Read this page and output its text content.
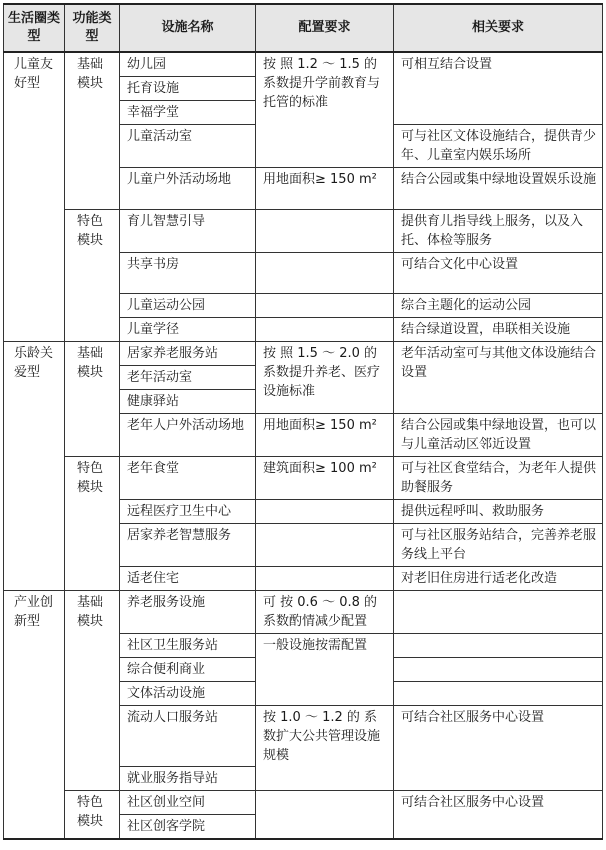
生活圈类型	功能类型	设施名称	配置要求	相关要求
儿童友好型	基础模块	幼儿园	按 照 1.2 ～ 1.5 的系数提升学前教育与托管的标准	可相互结合设置
		托育设施		
		幸福学堂		
		儿童活动室		可与社区文体设施结合，提供青少年、儿童室内娱乐场所
		儿童户外活动场地	用地面积≥ 150 m²	结合公园或集中绿地设置娱乐设施
	特色模块	育儿智慧引导		提供育儿指导线上服务，以及入托、体检等服务
		共享书房		可结合文化中心设置
		儿童运动公园		综合主题化的运动公园
		儿童学径		结合绿道设置，串联相关设施
乐龄关爱型	基础模块	居家养老服务站	按 照 1.5 ～ 2.0 的系数提升养老、医疗设施标准	老年活动室可与其他文体设施结合设置
		老年活动室		
		健康驿站		
		老年人户外活动场地	用地面积≥ 150 m²	结合公园或集中绿地设置，也可以与儿童活动区邻近设置
	特色模块	老年食堂	建筑面积≥ 100 m²	可与社区食堂结合，为老年人提供助餐服务
		远程医疗卫生中心		提供远程呼叫、救助服务
		居家养老智慧服务		可与社区服务站结合，完善养老服务线上平台
		适老住宅		对老旧住房进行适老化改造
产业创新型	基础模块	养老服务设施	可 按 0.6 ～ 0.8 的系数酌情减少配置	
		社区卫生服务站	一般设施按需配置	
		综合便利商业		
		文体活动设施		
		流动人口服务站	按 1.0 ～ 1.2 的 系数扩大公共管理设施规模	可结合社区服务中心设置
		就业服务指导站		
	特色模块	社区创业空间		可结合社区服务中心设置
		社区创客学院		
